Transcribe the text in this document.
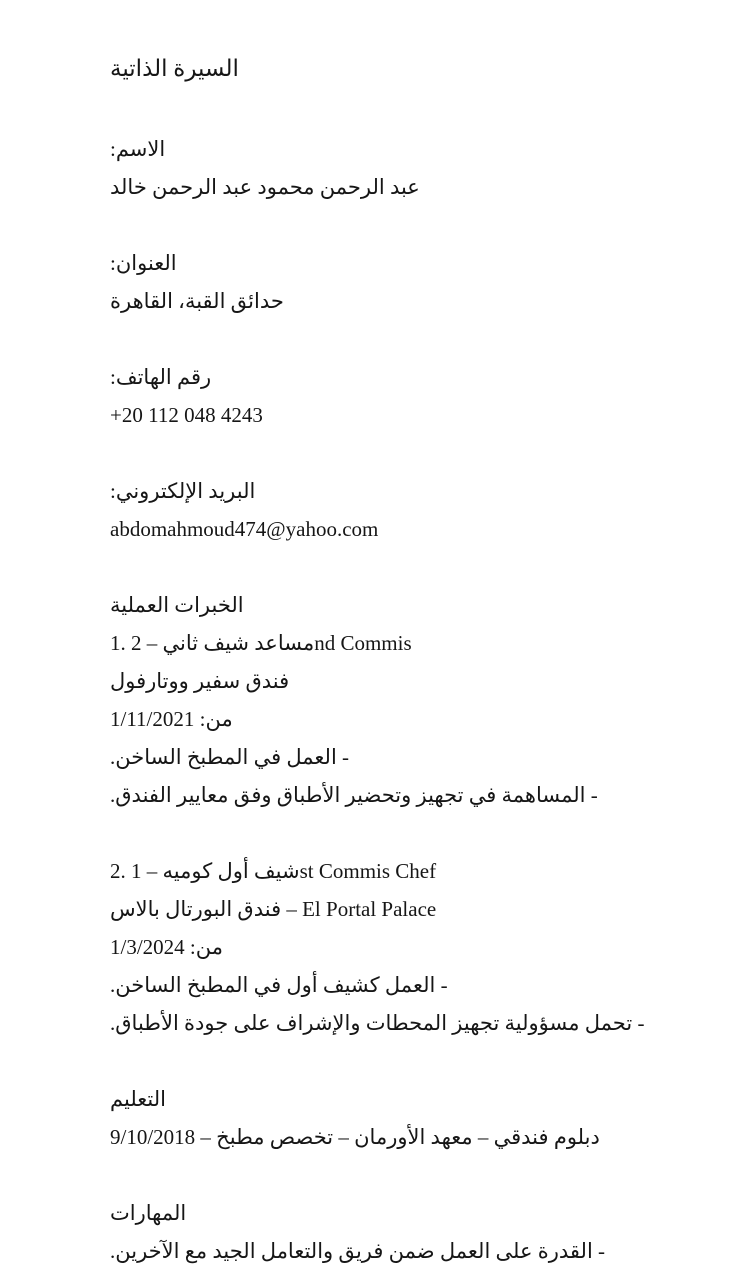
السيرة الذاتية
الاسم:
عبد الرحمن محمود عبد الرحمن خالد
العنوان:
حدائق القبة، القاهرة
رقم الهاتف:
+20 112 048 4243
البريد الإلكتروني:
abdomahmoud474@yahoo.com
الخبرات العملية
1. مساعد شيف ثاني – 2nd Commis
فندق سفير ووتارفول
من: 1/11/2021
- العمل في المطبخ الساخن.
- المساهمة في تجهيز وتحضير الأطباق وفق معايير الفندق.
2. شيف أول كوميه – 1st Commis Chef
فندق البورتال بالاس – El Portal Palace
من: 1/3/2024
- العمل كشيف أول في المطبخ الساخن.
- تحمل مسؤولية تجهيز المحطات والإشراف على جودة الأطباق.
التعليم
دبلوم فندقي – معهد الأورمان – تخصص مطبخ – 9/10/2018
المهارات
- القدرة على العمل ضمن فريق والتعامل الجيد مع الآخرين.
